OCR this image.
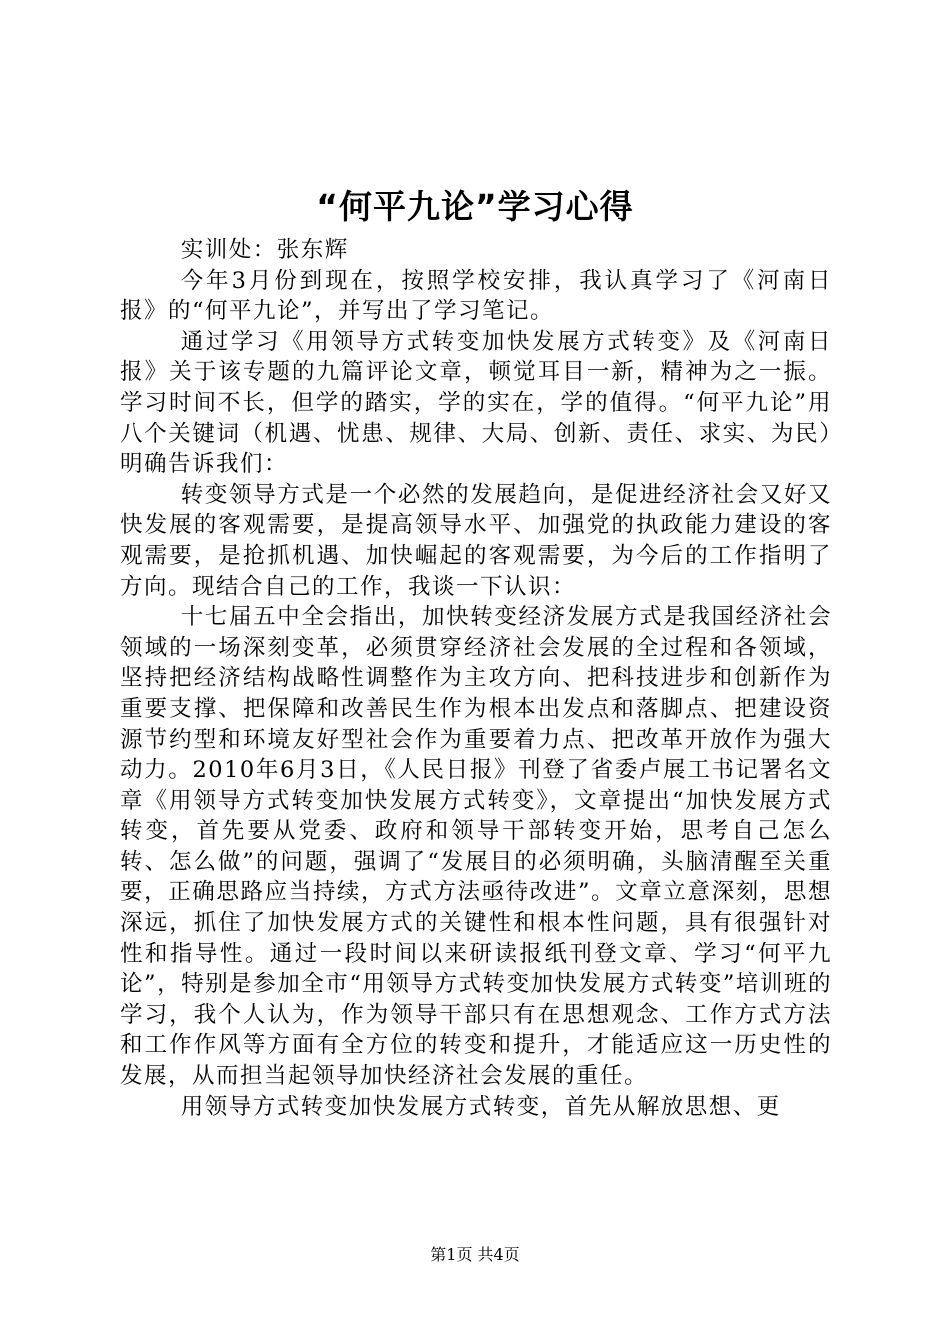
“何平九论”学习心得

实训处：张东辉

今年3月份到现在，按照学校安排，我认真学习了《河南日报》的“何平九论”，并写出了学习笔记。

通过学习《用领导方式转变加快发展方式转变》及《河南日报》关于该专题的九篇评论文章，顿觉耳目一新，精神为之一振。学习时间不长，但学的踏实，学的实在，学的值得。“何平九论”用八个关键词（机遇、忧患、规律、大局、创新、责任、求实、为民）明确告诉我们：

转变领导方式是一个必然的发展趋向，是促进经济社会又好又快发展的客观需要，是提高领导水平、加强党的执政能力建设的客观需要，是抢抓机遇、加快崛起的客观需要，为今后的工作指明了方向。现结合自己的工作，我谈一下认识：

十七届五中全会指出，加快转变经济发展方式是我国经济社会领域的一场深刻变革，必须贯穿经济社会发展的全过程和各领域，坚持把经济结构战略性调整作为主攻方向、把科技进步和创新作为重要支撑、把保障和改善民生作为根本出发点和落脚点、把建设资源节约型和环境友好型社会作为重要着力点、把改革开放作为强大动力。2010年6月3日，《人民日报》刊登了省委卢展工书记署名文章《用领导方式转变加快发展方式转变》，文章提出“加快发展方式转变，首先要从党委、政府和领导干部转变开始，思考自己怎么转、怎么做”的问题，强调了“发展目的必须明确，头脑清醒至关重要，正确思路应当持续，方式方法亟待改进”。文章立意深刻，思想深远，抓住了加快发展方式的关键性和根本性问题，具有很强针对性和指导性。通过一段时间以来研读报纸刊登文章、学习“何平九论”，特别是参加全市“用领导方式转变加快发展方式转变”培训班的学习，我个人认为，作为领导干部只有在思想观念、工作方式方法和工作作风等方面有全方位的转变和提升，才能适应这一历史性的发展，从而担当起领导加快经济社会发展的重任。

用领导方式转变加快发展方式转变，首先从解放思想、更

第1页 共4页
